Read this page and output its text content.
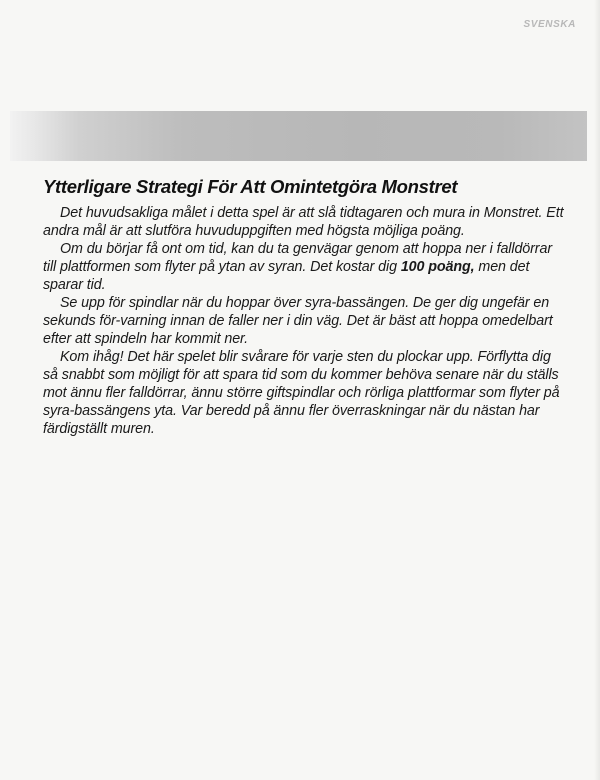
SVENSKA
Ytterligare Strategi För Att Omintetgöra Monstret

Det huvudsakliga målet i detta spel är att slå tidtagaren och mura in Monstret. Ett andra mål är att slutföra huvuduppgiften med högsta möjliga poäng.

Om du börjar få ont om tid, kan du ta genvägar genom att hoppa ner i falldörrar till plattformen som flyter på ytan av syran. Det kostar dig 100 poäng, men det sparar tid.

Se upp för spindlar när du hoppar över syra-bassängen. De ger dig ungefär en sekunds för-varning innan de faller ner i din väg. Det är bäst att hoppa omedelbart efter att spindeln har kommit ner.

Kom ihåg! Det här spelet blir svårare för varje sten du plockar upp. Förflytta dig så snabbt som möjligt för att spara tid som du kommer behöva senare när du ställs mot ännu fler falldörrar, ännu större giftspindlar och rörliga plattformar som flyter på syra-bassängens yta. Var beredd på ännu fler överraskningar när du nästan har färdigställt muren.
